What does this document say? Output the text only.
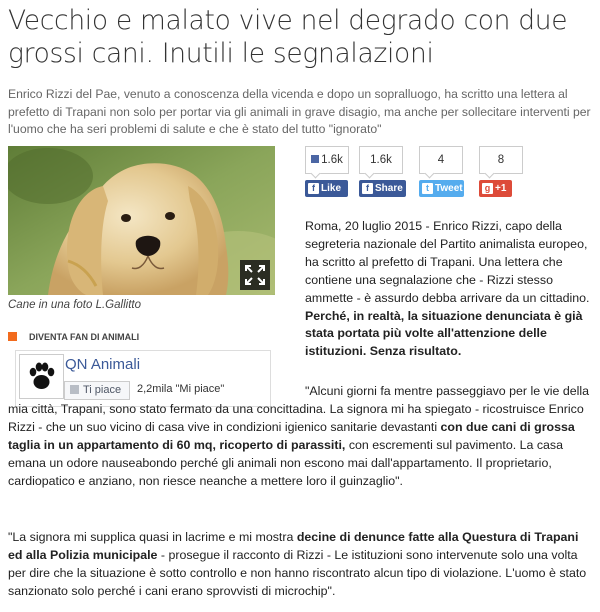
Vecchio e malato vive nel degrado con due grossi cani. Inutili le segnalazioni

Enrico Rizzi del Pae, venuto a conoscenza della vicenda e dopo un sopralluogo, ha scritto una lettera al prefetto di Trapani non solo per portar via gli animali in grave disagio, ma anche per sollecitare interventi per l'uomo che ha seri problemi di salute e che è stato del tutto "ignorato"

Cane in una foto L.Gallitto
DIVENTA FAN DI ANIMALI
QN Animali
Ti piace	2,2mila "Mi piace"
1.6k	1.6k	4	8
f Like	f Share	t Tweet	g +1

Roma, 20 luglio 2015 - Enrico Rizzi, capo della segreteria nazionale del Partito animalista europeo, ha scritto al prefetto di Trapani. Una lettera che contiene una segnalazione che - Rizzi stesso ammette - è assurdo debba arrivare da un cittadino. Perché, in realtà, la situazione denunciata è già stata portata più volte all'attenzione delle istituzioni. Senza risultato.

"Alcuni giorni fa mentre passeggiavo per le vie della mia città, Trapani, sono stato fermato da una concittadina. La signora mi ha spiegato - ricostruisce Enrico Rizzi - che un suo vicino di casa vive in condizioni igienico sanitarie devastanti con due cani di grossa taglia in un appartamento di 60 mq, ricoperto di parassiti, con escrementi sul pavimento. La casa emana un odore nauseabondo perché gli animali non escono mai dall'appartamento. Il proprietario, cardiopatico e anziano, non riesce neanche a mettere loro il guinzaglio".

"La signora mi supplica quasi in lacrime e mi mostra decine di denunce fatte alla Questura di Trapani ed alla Polizia municipale - prosegue il racconto di Rizzi - Le istituzioni sono intervenute solo una volta per dire che la situazione è sotto controllo e non hanno riscontrato alcun tipo di violazione. L'uomo è stato sanzionato solo perché i cani erano sprovvisti di microchip".
